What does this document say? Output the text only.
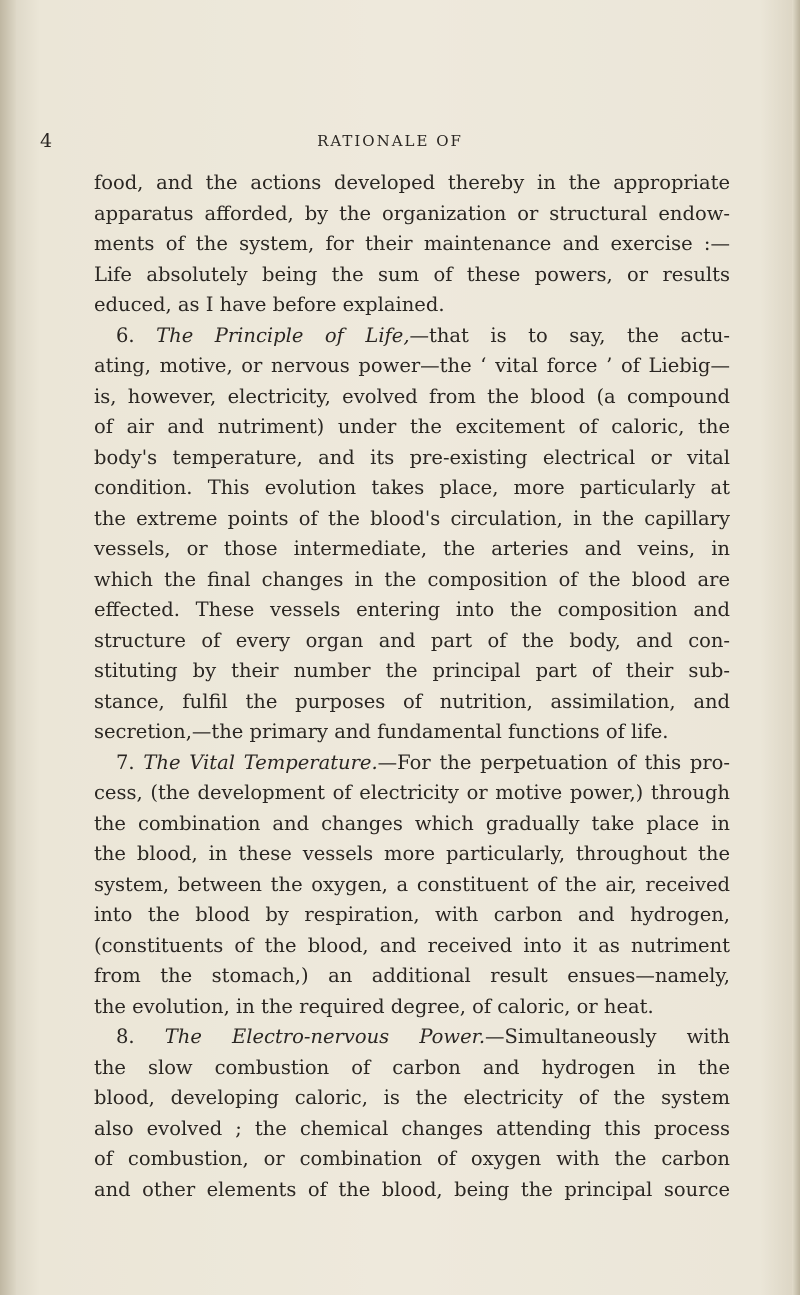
4	RATIONALE OF
food, and the actions developed thereby in the appropriate
apparatus afforded, by the organization or structural endow-
ments of the system, for their maintenance and exercise :—
Life absolutely being the sum of these powers, or results
educed, as I have before explained.
6. The Principle of Life,—that is to say, the actu-
ating, motive, or nervous power—the ‘ vital force ’ of Liebig—
is, however, electricity, evolved from the blood (a compound
of air and nutriment) under the excitement of caloric, the
body's temperature, and its pre-existing electrical or vital
condition. This evolution takes place, more particularly at
the extreme points of the blood's circulation, in the capillary
vessels, or those intermediate, the arteries and veins, in
which the final changes in the composition of the blood are
effected. These vessels entering into the composition and
structure of every organ and part of the body, and con-
stituting by their number the principal part of their sub-
stance, fulfil the purposes of nutrition, assimilation, and
secretion,—the primary and fundamental functions of life.
7. The Vital Temperature.—For the perpetuation of this pro-
cess, (the development of electricity or motive power,) through
the combination and changes which gradually take place in
the blood, in these vessels more particularly, throughout the
system, between the oxygen, a constituent of the air, received
into the blood by respiration, with carbon and hydrogen,
(constituents of the blood, and received into it as nutriment
from the stomach,) an additional result ensues—namely,
the evolution, in the required degree, of caloric, or heat.
8. The Electro-nervous Power.—Simultaneously with
the slow combustion of carbon and hydrogen in the
blood, developing caloric, is the electricity of the system
also evolved ; the chemical changes attending this process
of combustion, or combination of oxygen with the carbon
and other elements of the blood, being the principal source
